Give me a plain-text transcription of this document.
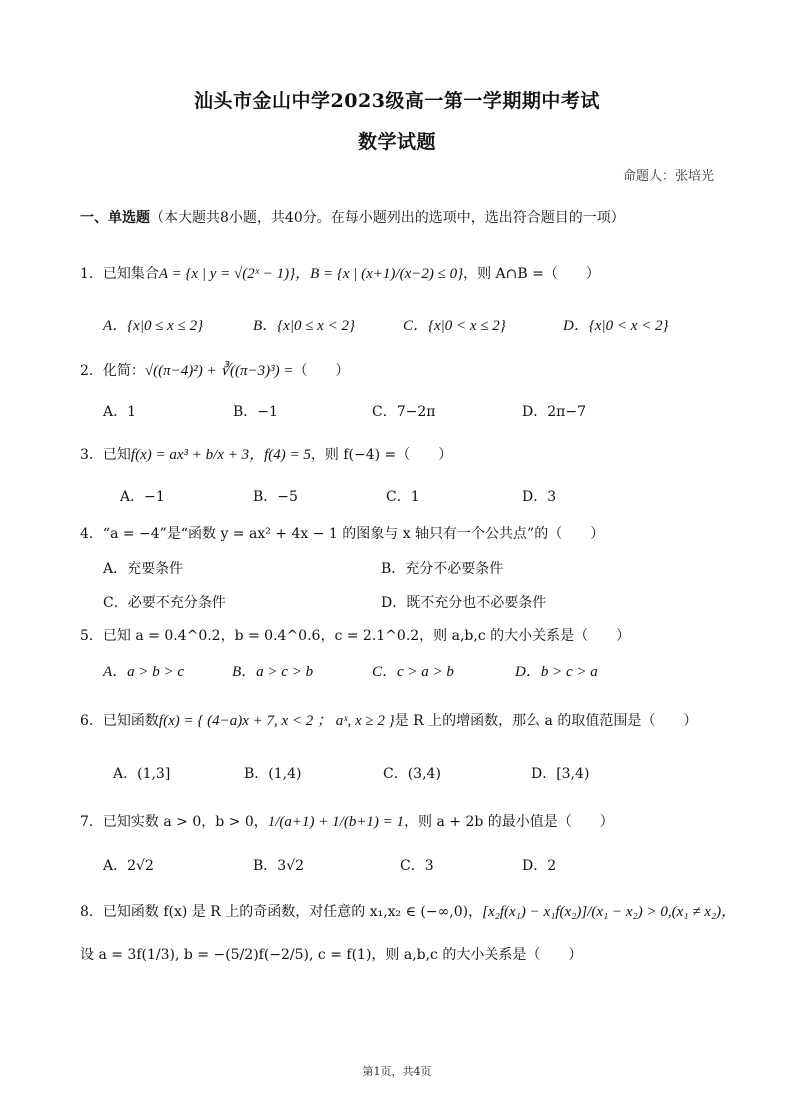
汕头市金山中学2023级高一第一学期期中考试
数学试题
命题人：张培光
一、单选题（本大题共8小题，共40分。在每小题列出的选项中，选出符合题目的一项）
1．已知集合A = {x | y = √(2ˣ − 1)}，B = {x | (x+1)/(x−2) ≤ 0}，则 A∩B =（　　）
A．{x|0 ≤ x ≤ 2}	B．{x|0 ≤ x < 2}	C．{x|0 < x ≤ 2}	D．{x|0 < x < 2}
2．化简：√((π−4)²) + ∛((π−3)³) =（　　）
A．1	B．−1	C．7−2π	D．2π−7
3．已知f(x) = ax³ + b/x + 3，f(4) = 5，则 f(−4) =（　　）
A．−1	B．−5	C．1	D．3
4．“a = −4”是“函数 y = ax² + 4x − 1 的图象与 x 轴只有一个公共点”的（　　）
A．充要条件	B．充分不必要条件
C．必要不充分条件	D．既不充分也不必要条件
5．已知 a = 0.4^0.2，b = 0.4^0.6，c = 2.1^0.2，则 a,b,c 的大小关系是（　　）
A．a > b > c	B．a > c > b	C．c > a > b	D．b > c > a
6．已知函数f(x) = { (4−a)x + 7, x < 2 ； aˣ, x ≥ 2 }是 R 上的增函数，那么 a 的取值范围是（　　）
A．(1,3]	B．(1,4)	C．(3,4)	D．[3,4)
7．已知实数 a > 0，b > 0，1/(a+1) + 1/(b+1) = 1，则 a + 2b 的最小值是（　　）
A．2√2	B．3√2	C．3	D．2
8．已知函数 f(x) 是 R 上的奇函数，对任意的 x₁,x₂ ∈ (−∞,0)，[x₂f(x₁) − x₁f(x₂)]/(x₁ − x₂) > 0,(x₁ ≠ x₂)，
设 a = 3f(1/3), b = −(5/2)f(−2/5), c = f(1)，则 a,b,c 的大小关系是（　　）
第1页，共4页
